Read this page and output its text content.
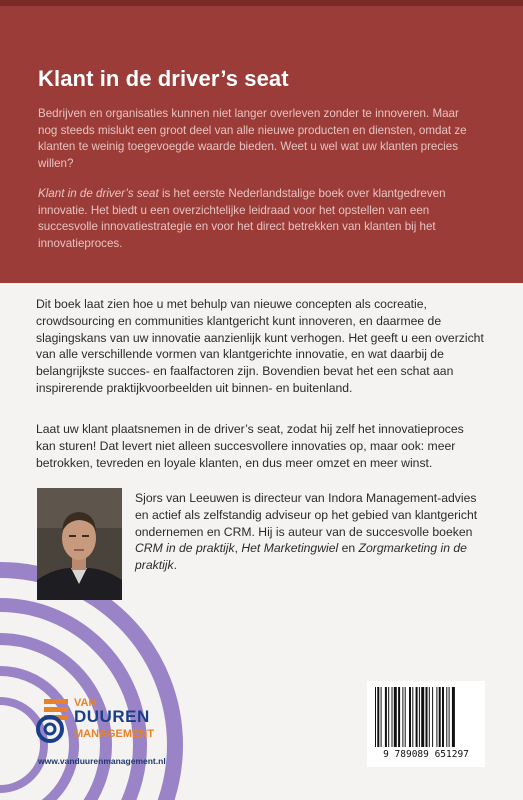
Klant in de driver’s seat

Bedrijven en organisaties kunnen niet langer overleven zonder te innoveren. Maar nog steeds mislukt een groot deel van alle nieuwe producten en diensten, omdat ze klanten te weinig toegevoegde waarde bieden. Weet u wel wat uw klanten precies willen?

Klant in de driver’s seat is het eerste Nederlandstalige boek over klantgedreven innovatie. Het biedt u een overzichtelijke leidraad voor het opstellen van een succesvolle innovatiestrategie en voor het direct betrekken van klanten bij het innovatieproces.

Dit boek laat zien hoe u met behulp van nieuwe concepten als cocreatie, crowdsourcing en communities klantgericht kunt innoveren, en daarmee de slagingskans van uw innovatie aanzienlijk kunt verhogen. Het geeft u een overzicht van alle verschillende vormen van klantgerichte innovatie, en wat daarbij de belangrijkste succes- en faalfactoren zijn. Bovendien bevat het een schat aan inspirerende praktijkvoorbeelden uit binnen- en buitenland.

Laat uw klant plaatsnemen in de driver’s seat, zodat hij zelf het innovatieproces kan sturen! Dat levert niet alleen succesvollere innovaties op, maar ook: meer betrokken, tevreden en loyale klanten, en dus meer omzet en meer winst.

Sjors van Leeuwen is directeur van Indora Management-advies en actief als zelfstandig adviseur op het gebied van klantgericht ondernemen en CRM. Hij is auteur van de succesvolle boeken CRM in de praktijk, Het Marketingwiel en Zorgmarketing in de praktijk.

VAN
DUUREN
MANAGEMENT

www.vanduurenmanagement.nl

9 789089 651297
